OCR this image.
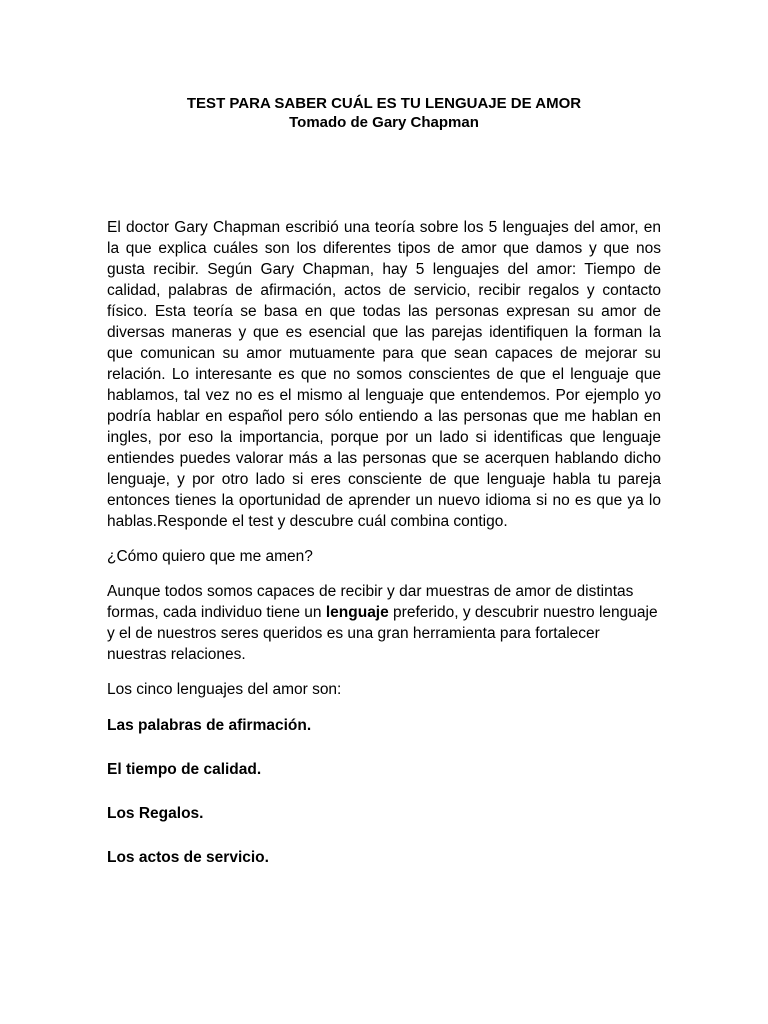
TEST PARA SABER CUÁL ES TU LENGUAJE DE AMOR
Tomado de Gary Chapman

El doctor Gary Chapman escribió una teoría sobre los 5 lenguajes del amor, en la que explica cuáles son los diferentes tipos de amor que damos y que nos gusta recibir. Según Gary Chapman, hay 5 lenguajes del amor: Tiempo de calidad, palabras de afirmación, actos de servicio, recibir regalos y contacto físico. Esta teoría se basa en que todas las personas expresan su amor de diversas maneras y que es esencial que las parejas identifiquen la forman la que comunican su amor mutuamente para que sean capaces de mejorar su relación. Lo interesante es que no somos conscientes de que el lenguaje que hablamos, tal vez no es el mismo al lenguaje que entendemos. Por ejemplo yo podría hablar en español pero sólo entiendo a las personas que me hablan en ingles, por eso la importancia, porque por un lado si identificas que lenguaje entiendes puedes valorar más a las personas que se acerquen hablando dicho lenguaje, y por otro lado si eres consciente de que lenguaje habla tu pareja entonces tienes la oportunidad de aprender un nuevo idioma si no es que ya lo hablas.Responde el test y descubre cuál combina contigo.

¿Cómo quiero que me amen?

Aunque todos somos capaces de recibir y dar muestras de amor de distintas formas, cada individuo tiene un lenguaje preferido, y descubrir nuestro lenguaje y el de nuestros seres queridos es una gran herramienta para fortalecer nuestras relaciones.

Los cinco lenguajes del amor son:

Las palabras de afirmación.
El tiempo de calidad.
Los Regalos.
Los actos de servicio.
